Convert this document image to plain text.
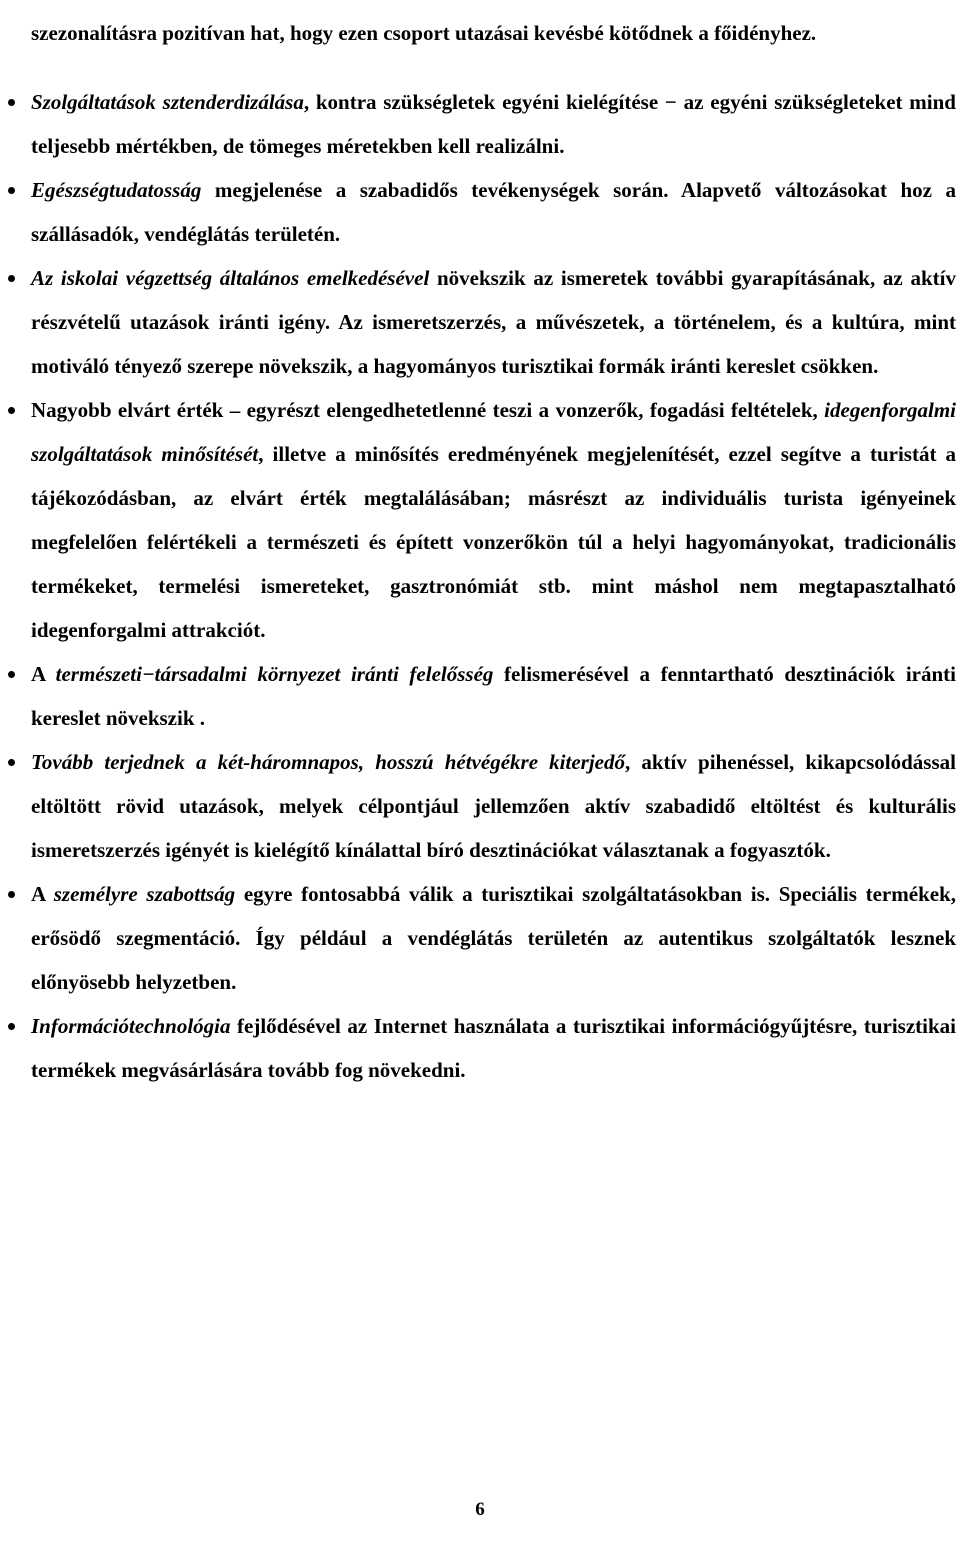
szezonalításra pozitívan hat, hogy ezen csoport utazásai kevésbé kötődnek a főidényhez.

Szolgáltatások sztenderdizálása, kontra szükségletek egyéni kielégítése − az egyéni szükségleteket mind teljesebb mértékben, de tömeges méretekben kell realizálni.

Egészségtudatosság megjelenése a szabadidős tevékenységek során. Alapvető változásokat hoz a szállásadók, vendéglátás területén.

Az iskolai végzettség általános emelkedésével növekszik az ismeretek további gyarapításának, az aktív részvételű utazások iránti igény. Az ismeretszerzés, a művészetek, a történelem, és a kultúra, mint motiváló tényező szerepe növekszik, a hagyományos turisztikai formák iránti kereslet csökken.

Nagyobb elvárt érték – egyrészt elengedhetetlenné teszi a vonzerők, fogadási feltételek, idegenforgalmi szolgáltatások minősítését, illetve a minősítés eredményének megjelenítését, ezzel segítve a turistát a tájékozódásban, az elvárt érték megtalálásában; másrészt az individuális turista igényeinek megfelelően felértékeli a természeti és épített vonzerőkön túl a helyi hagyományokat, tradicionális termékeket, termelési ismereteket, gasztronómiát stb. mint máshol nem megtapasztalható idegenforgalmi attrakciót.

A természeti−társadalmi környezet iránti felelősség felismerésével a fenntartható desztinációk iránti kereslet növekszik .

Tovább terjednek a két-háromnapos, hosszú hétvégékre kiterjedő, aktív pihenéssel, kikapcsolódással eltöltött rövid utazások, melyek célpontjául jellemzően aktív szabadidő eltöltést és kulturális ismeretszerzés igényét is kielégítő kínálattal bíró desztinációkat választanak a fogyasztók.

A személyre szabottság egyre fontosabbá válik a turisztikai szolgáltatásokban is. Speciális termékek, erősödő szegmentáció. Így például a vendéglátás területén az autentikus szolgáltatók lesznek előnyösebb helyzetben.

Információtechnológia fejlődésével az Internet használata a turisztikai információgyűjtésre, turisztikai termékek megvásárlására tovább fog növekedni.

6
